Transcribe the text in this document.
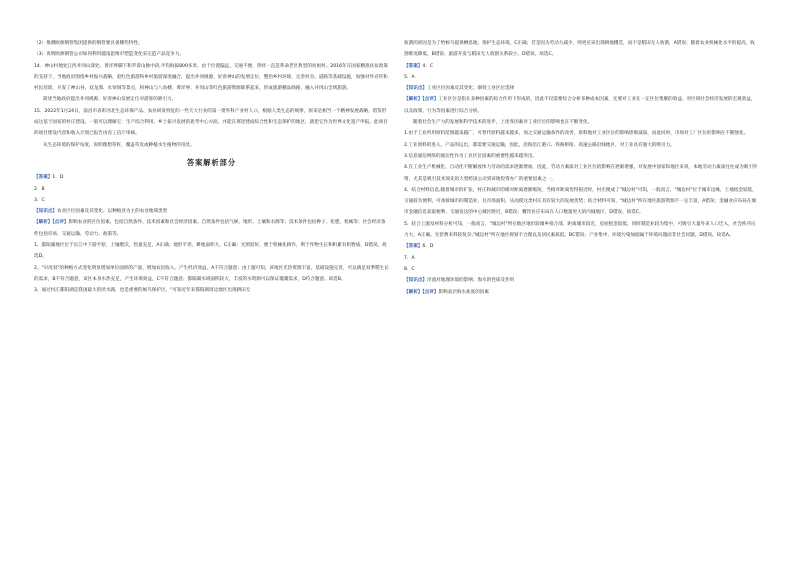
（2）推测欧洲钢管集团提供的钢管要具备哪些特性。

（3）说明欧洲钢管公司如何利用越南思维市塑造变化采完造产品竞争力。

14．神山村地处江西井冈山深处、黄洋界脚下和罗霄山脉中段,平均海拔800多米，由于位置偏远、交通不便，曾经一直是革命老区典型的贫困村。2016年在国家精准扶贫政策的支持下，当地政府围绕乡村振兴战略，赶红色旅游和乡村旅游深度融合，提出井冈挑源、好客神山的发展定位，整治乡村环境，完善村舍、道路等基础设施，加强对外宣传和村民培训，开发了神山谷、双龙潭、水帘洞等景点，将神山与八角楼、黄洋界、井冈山等红色旅游资源联系起来，形成旅游精品线路，融入井冈山全域旅游。

简述当地政府提出井冈挑源、好客神山发展定位对游客的吸引力。

15．2022年1月24日，南昌市表彰河北生态环保产品、农业研发特征的一些天大行业的第一批外科产业村人口，根据人类生态的规律，原来是相当一个精神发展战略，借鉴形成这基于国家的村庄建设。一般可以理解它：生产综合利用、乡土振兴发展的思考中心方面，并能在那里建成综合性和生态保护的地区，就把它作为世界文化遗产申报。此项目的项目建设内容和收入计划已报告由省工信厅审核。

从生态环境的保护角度，说明理想草籽，覆盖草皮或种植水生植物的用处。

答案解析部分

【答案】1．D

2．B

3．C

【知识点】农业区位因素及其变化；以种植业为主的农业地域类型

【解析】【点评】影响农业的区位因素，包括自然条件、技术因素和社会经济因素。自然条件包括气候、地形、土壤和水源等；技术条件包括种子、化肥、机械等；社会经济条件包括市场、交通运输、劳动力、政策等。

1、都阳湖地区位于长江中下游平原，土壤肥沃，热量充足，A正确；地形平坦，耕地面积大，C正确；光照较好，便于机械化耕作，利于作物生长和积累有机物质，D错误。故选D。

2、"早改双"的种植方式变化明显增加单位面积的产量，增加农民收入，产生经济效益，A不符合题意；由上题可知，该地区光热资源丰富，基础设施完善，可以满足双季稻生长的需求，B不符合题意，该区本身水热充足，产生环境效益，C不符合题意；都阳湖水域面积较大，丰富的水资源可以保证灌溉需求，D符合题意。故选B。

3、通过村庄都阳湖是我国最大的淡水湖，也是重要的候鸟保护区。"可知近年来都阳湖周边地区出现耕田无

收割的原因是为了给候鸟提供栖息地，保护生态环境，C正确；若是因为劳动力减少，则更应该出现耕地撂荒，而不是稻田无人收割，A错误；随着农业机械化水平的提高，收割难度降低，B错误；旅游开发与稻田无人收割关系较小，D错误。故选C。

【答案】4．C

5．A

【知识点】工业区位因素及其变化；铜铁工业区位选择

【解析】【点评】工业区位是指在多种因素的综合作用下形成的，因此不仅需要综合分析多种成本因素，还要对工业在一定区位集聚的效益、对区域社会经济发展的宏观效益，以及政策、行为等因素进行综合分析。

随着社会生产力的发展和科学技术的进步，上述各因素对工业区位的影响也在不断变化。

1.由于工业所用原料范围越来越广，可替代原料越来越多，加之交通运输条件的改善，原料地对工业区位的影响逐渐减弱，而此同时，市场对工厂区位的影响在不断强化。

2.工业原料的进入、产品的运出，都需要交通运输，因此，沿海沿江港口、铁路枢纽、高速公路沿线地区，对工业具有强大的吸引力。

3.信息通信网络的通达性作为工业区位因素的重要性越来越突出。

4.在工业生产机械化、自动化不断解放体力劳动的需求逐渐增加，因此，劳动力素质对工业区位的影响在逐渐增强，对发展中国家和地区来说，本地劳动力素质往往成为吸引外资，尤其是吸引技术领先的大型跨国公司到该地投资办厂的重要因素之一。

4、结合材料信息,随着城市的扩张，村庄和城市的相对距离逐渐缩短，当相对距离变得很近时，村庄便成了"城边村"可知，一般而言，"城边村"位于城市边缘，土地租金较低，交通较为便利，可承接城市的制造业，且市场面积，从而使这类村庄具有较大的发展优势；结合材料可知，"城边村"所在地区旅游资源不一定丰富，A错误；金融业应布局在城市金融信息获取便利、交通发达的中心城区附近，B错误；餐饮业应布局在人口数量更大的内城地区，D错误。故选C。

5、结合上题及材料分析可知，一般而言，"城边村"所在地区地价较城乡接合部，距离城市较近，房屋租金较低，同时制造业较为集中，可吸引大量外来人口迁入，社会秩序压力大，A正确。无偿费来料较复杂,"城边村"所在地区规划不合理以及居民素质低，BC错误；产业集中，环境污染加剧属于环境问题而非社会问题，D错误。故选A。

【答案】6．D

7．A

8．C

【知识点】洋流对地理环境的影响；海水的性质及作用

【解析】【点评】影响表层海水盐度的因素
